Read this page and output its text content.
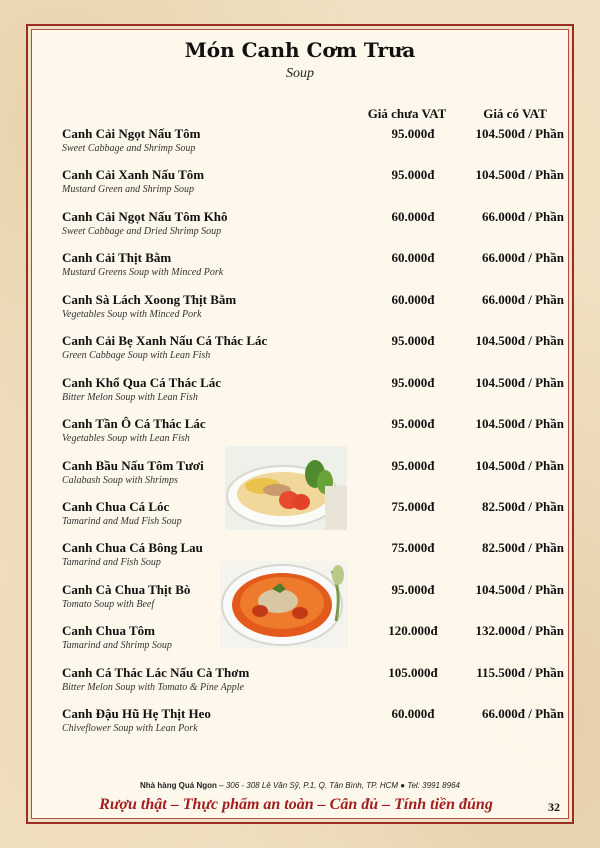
Món Canh Cơm Trưa
Soup
Giá chưa VAT	Giá có VAT
Canh Cải Ngọt Nấu Tôm
Sweet Cabbage and Shrimp Soup
95.000đ	104.500đ / Phần
Canh Cải Xanh Nấu Tôm
Mustard Green and Shrimp Soup
95.000đ	104.500đ / Phần
Canh Cải Ngọt Nấu Tôm Khô
Sweet Cabbage and Dried Shrimp Soup
60.000đ	66.000đ / Phần
Canh Cải Thịt Bằm
Mustard Greens Soup with Minced Pork
60.000đ	66.000đ / Phần
Canh Sà Lách Xoong Thịt Bằm
Vegetables Soup with Minced Pork
60.000đ	66.000đ / Phần
Canh Cải Bẹ Xanh Nấu Cá Thác Lác
Green Cabbage Soup with Lean Fish
95.000đ	104.500đ / Phần
Canh Khổ Qua Cá Thác Lác
Bitter Melon Soup with Lean Fish
95.000đ	104.500đ / Phần
Canh Tần Ô Cá Thác Lác
Vegetables Soup with Lean Fish
95.000đ	104.500đ / Phần
Canh Bầu Nấu Tôm Tươi
Calabash Soup with Shrimps
95.000đ	104.500đ / Phần
Canh Chua Cá Lóc
Tamarind and Mud Fish Soup
75.000đ	82.500đ / Phần
Canh Chua Cá Bông Lau
Tamarind and Fish Soup
75.000đ	82.500đ / Phần
Canh Cà Chua Thịt Bò
Tomato Soup with Beef
95.000đ	104.500đ / Phần
Canh Chua Tôm
Tamarind and Shrimp Soup
120.000đ	132.000đ / Phần
Canh Cá Thác Lác Nấu Cà Thơm
Bitter Melon Soup with Tomato & Pine Apple
105.000đ	115.500đ / Phần
Canh Đậu Hũ Hẹ Thịt Heo
Chiveflower Soup with Lean Pork
60.000đ	66.000đ / Phần
Nhà hàng Quá Ngon – 306 - 308 Lê Văn Sỹ, P.1, Q. Tân Bình, TP. HCM ● Tel: 3991 8964
Rượu thật – Thực phẩm an toàn – Cân đủ – Tính tiền đúng	32
